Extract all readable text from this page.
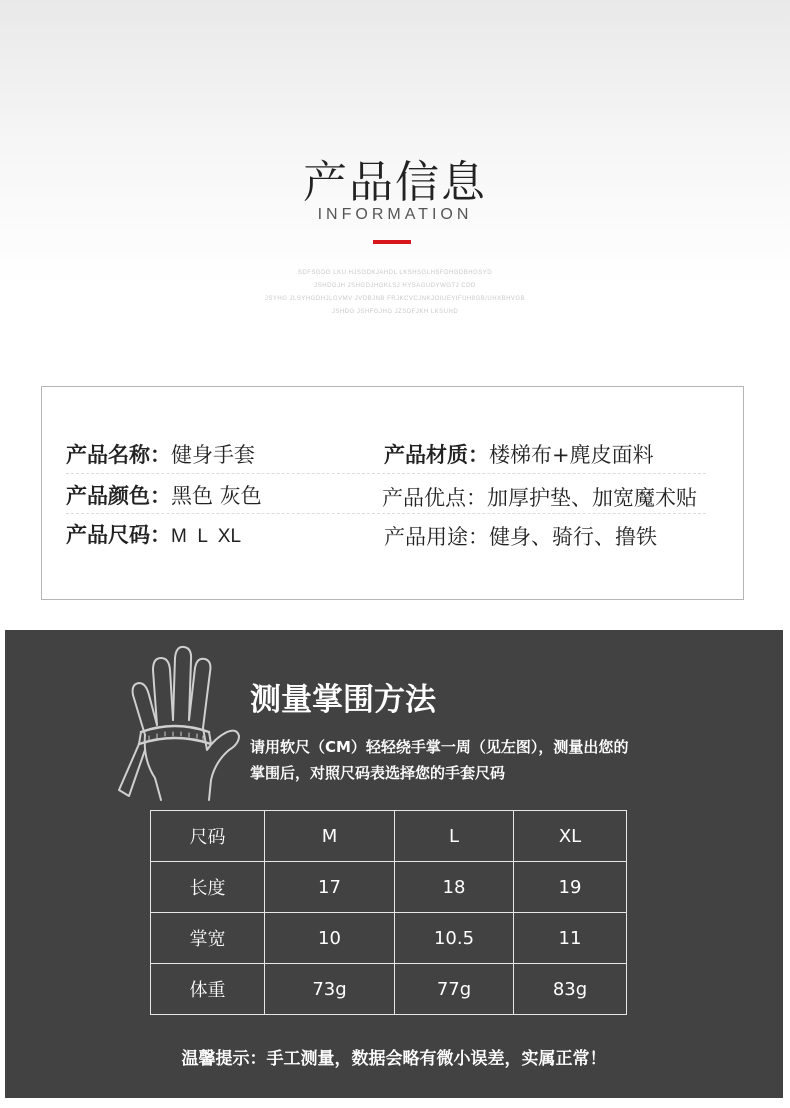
产品信息
INFORMATION
SDFSGDG LKU HJSGDKJAHDL LKSHSGLHSFDHGDBHGSYD
JSHDGJH JSHGDJHGKLSJ HYSAGUDYWGTJ CDD
JSYHG JLSYHGDHJLGVMV JVDBJNB FRJKCVCJNKJOIUEYIFUH8GB/UHXBHVGB
JSHDG JSHFGJHG JZSDFJKH LKSUHD
产品名称：健身手套	产品材质：楼梯布+麂皮面料
产品颜色：黑色 灰色	产品优点：加厚护垫、加宽魔术贴
产品尺码：M  L  XL	产品用途：健身、骑行、撸铁
测量掌围方法
请用软尺（CM）轻轻绕手掌一周（见左图），测量出您的
掌围后，对照尺码表选择您的手套尺码
尺码	M	L	XL
长度	17	18	19
掌宽	10	10.5	11
体重	73g	77g	83g
温馨提示：手工测量，数据会略有微小误差，实属正常！
